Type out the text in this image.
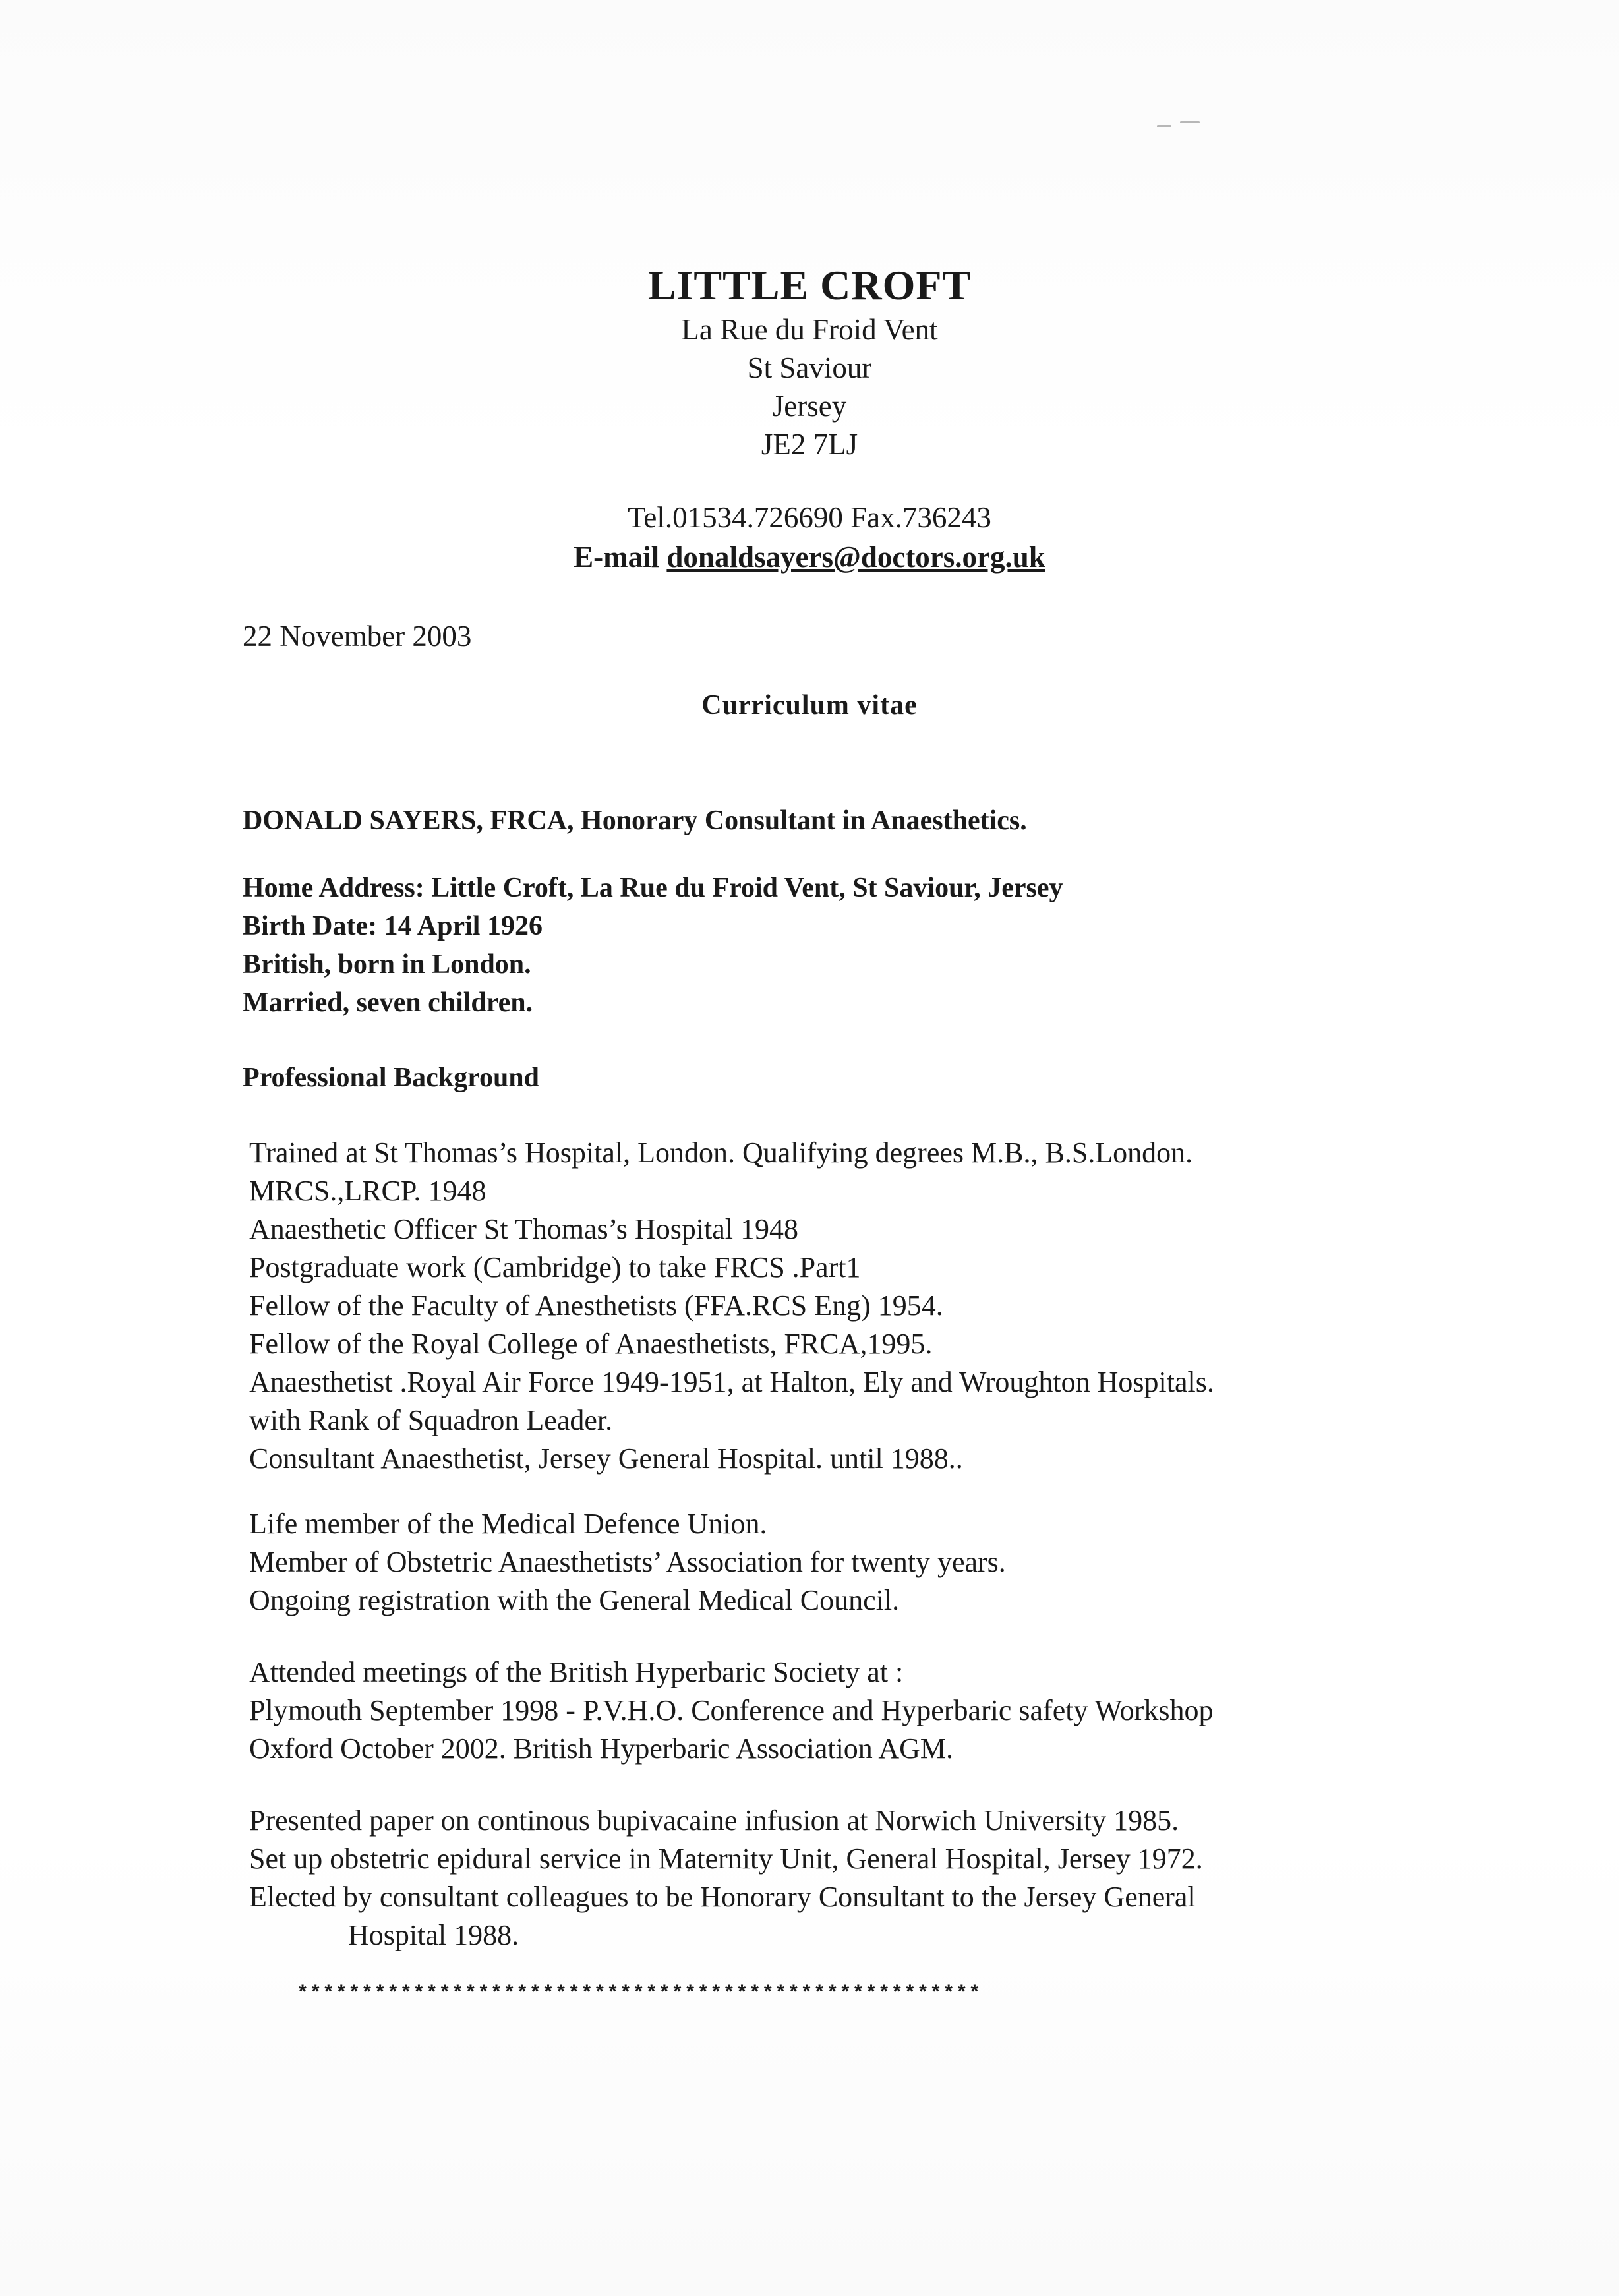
LITTLE CROFT

La Rue du Froid Vent

St Saviour

Jersey

JE2 7LJ

Tel.01534.726690 Fax.736243

E-mail donaldsayers@doctors.org.uk

22 November 2003
Curriculum vitae
DONALD SAYERS, FRCA, Honorary Consultant in Anaesthetics.
Home Address: Little Croft, La Rue du Froid Vent, St Saviour, Jersey
Birth Date: 14 April 1926
British, born in London.
Married, seven children.
Professional Background
Trained at St Thomas’s Hospital, London. Qualifying degrees M.B., B.S.London.
MRCS.,LRCP. 1948
Anaesthetic Officer St Thomas’s Hospital 1948
Postgraduate work (Cambridge) to take FRCS .Part1
Fellow of the Faculty of Anesthetists (FFA.RCS Eng) 1954.
Fellow of the Royal College of Anaesthetists, FRCA,1995.
Anaesthetist .Royal Air Force 1949-1951, at Halton, Ely and Wroughton Hospitals.
with Rank of Squadron Leader.
Consultant Anaesthetist, Jersey General Hospital. until 1988..
Life member of the Medical Defence Union.
Member of Obstetric Anaesthetists’ Association for twenty years.
Ongoing registration with the General Medical Council.
Attended meetings of the British Hyperbaric Society at :
Plymouth September 1998 - P.V.H.O. Conference and Hyperbaric safety Workshop
Oxford October 2002. British Hyperbaric Association AGM.
Presented paper on continous bupivacaine infusion at Norwich University 1985.
Set up obstetric epidural service in Maternity Unit, General Hospital, Jersey 1972.
Elected by consultant colleagues to be Honorary Consultant to the Jersey General
Hospital 1988.
*****************************************************
